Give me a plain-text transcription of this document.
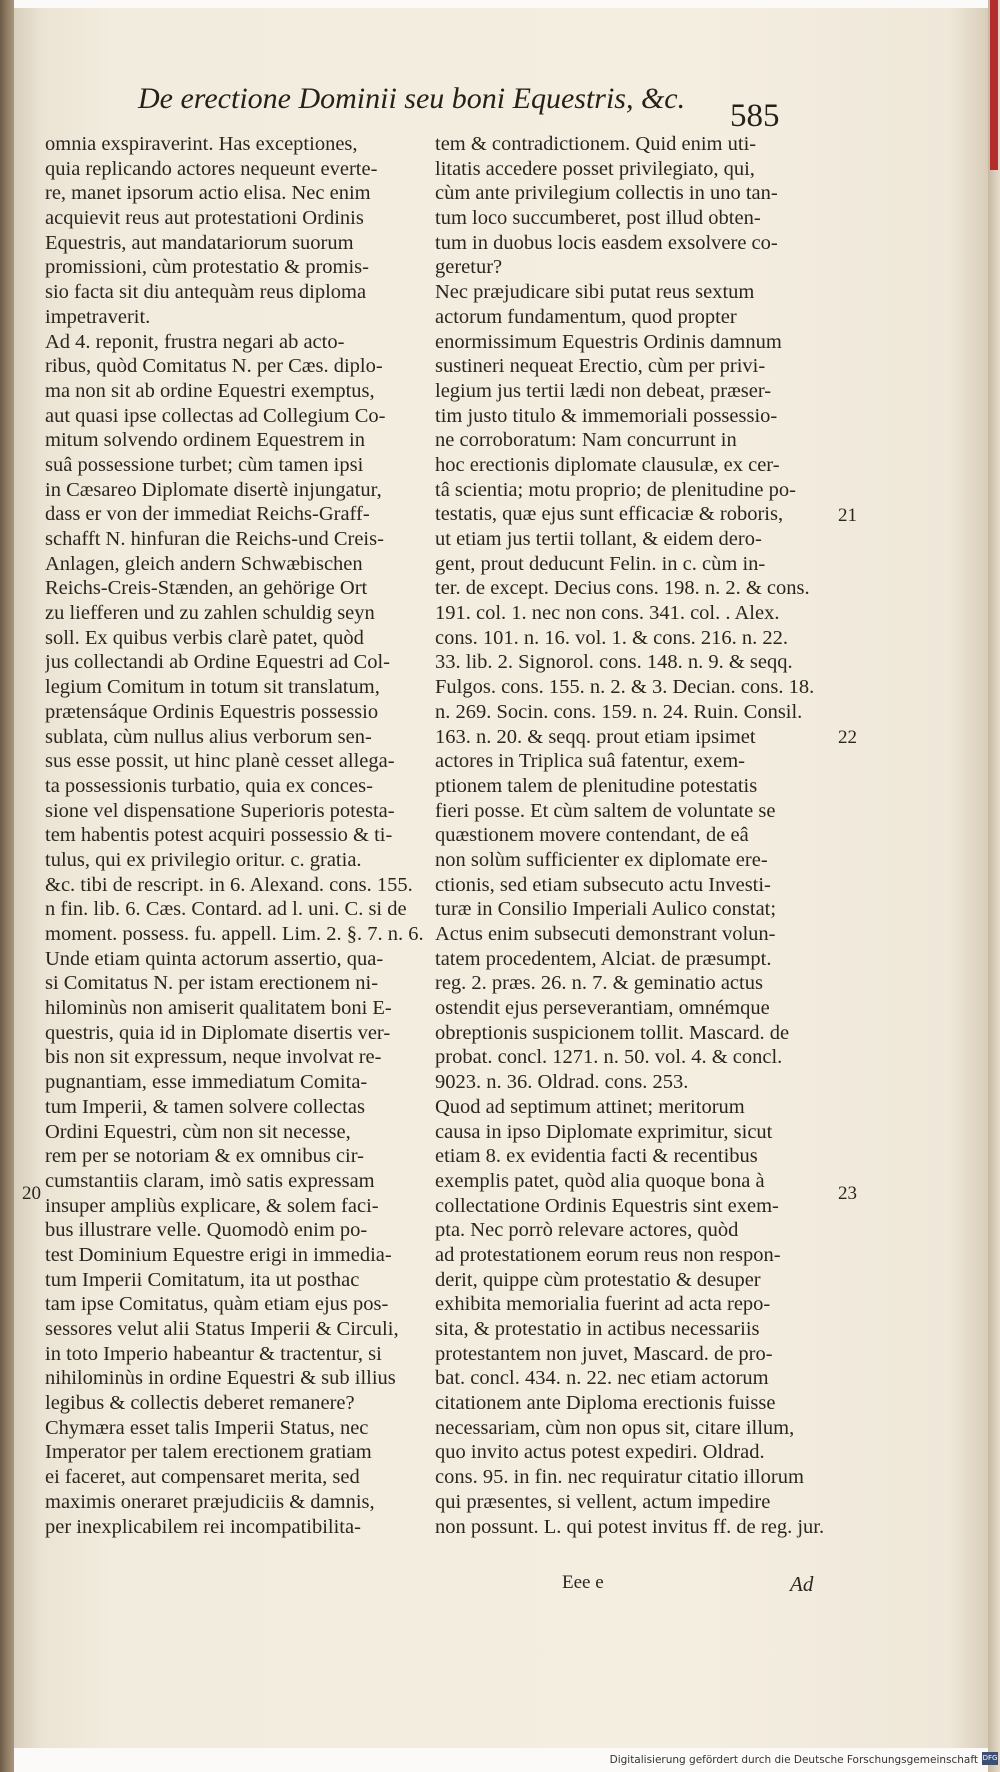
De erectione Dominii seu boni Equestris, &c. 585
omnia exspiraverint. Has exceptiones,
quia replicando actores nequeunt everte-
re, manet ipsorum actio elisa. Nec enim
acquievit reus aut protestationi Ordinis
Equestris, aut mandatariorum suorum
promissioni, cùm protestatio & promis-
sio facta sit diu antequàm reus diploma
impetraverit.
Ad 4. reponit, frustra negari ab acto-
ribus, quòd Comitatus N. per Cæs. diplo-
ma non sit ab ordine Equestri exemptus,
aut quasi ipse collectas ad Collegium Co-
mitum solvendo ordinem Equestrem in
suâ possessione turbet; cùm tamen ipsi
in Cæsareo Diplomate disertè injungatur,
dass er von der immediat Reichs-Graff-
schafft N. hinfuran die Reichs-und Creis-
Anlagen, gleich andern Schwæbischen
Reichs-Creis-Stænden, an gehörige Ort
zu liefferen und zu zahlen schuldig seyn
soll. Ex quibus verbis clarè patet, quòd
jus collectandi ab Ordine Equestri ad Col-
legium Comitum in totum sit translatum,
prætensáque Ordinis Equestris possessio
sublata, cùm nullus alius verborum sen-
sus esse possit, ut hinc planè cesset allega-
ta possessionis turbatio, quia ex conces-
sione vel dispensatione Superioris potesta-
tem habentis potest acquiri possessio & ti-
tulus, qui ex privilegio oritur. c. gratia.
&c. tibi de rescript. in 6. Alexand. cons. 155.
n fin. lib. 6. Cæs. Contard. ad l. uni. C. si de
moment. possess. fu. appell. Lim. 2. §. 7. n. 6.
Unde etiam quinta actorum assertio, qua-
si Comitatus N. per istam erectionem ni-
hilominùs non amiserit qualitatem boni E-
questris, quia id in Diplomate disertis ver-
bis non sit expressum, neque involvat re-
pugnantiam, esse immediatum Comita-
tum Imperii, & tamen solvere collectas
Ordini Equestri, cùm non sit necesse,
rem per se notoriam & ex omnibus cir-
cumstantiis claram, imò satis expressam
insuper ampliùs explicare, & solem faci-
bus illustrare velle. Quomodò enim po-
test Dominium Equestre erigi in immedia-
tum Imperii Comitatum, ita ut posthac
tam ipse Comitatus, quàm etiam ejus pos-
sessores velut alii Status Imperii & Circuli,
in toto Imperio habeantur & tractentur, si
nihilominùs in ordine Equestri & sub illius
legibus & collectis deberet remanere?
Chymæra esset talis Imperii Status, nec
Imperator per talem erectionem gratiam
ei faceret, aut compensaret merita, sed
maximis oneraret præjudiciis & damnis,
per inexplicabilem rei incompatibilita-
tem & contradictionem. Quid enim uti-
litatis accedere posset privilegiato, qui,
cùm ante privilegium collectis in uno tan-
tum loco succumberet, post illud obten-
tum in duobus locis easdem exsolvere co-
geretur?
Nec præjudicare sibi putat reus sextum
actorum fundamentum, quod propter
enormissimum Equestris Ordinis damnum
sustineri nequeat Erectio, cùm per privi-
legium jus tertii lædi non debeat, præser-
tim justo titulo & immemoriali possessio-
ne corroboratum: Nam concurrunt in
hoc erectionis diplomate clausulæ, ex cer-
tâ scientia; motu proprio; de plenitudine po-
testatis, quæ ejus sunt efficaciæ & roboris,
ut etiam jus tertii tollant, & eidem dero-
gent, prout deducunt Felin. in c. cùm in-
ter. de except. Decius cons. 198. n. 2. & cons.
191. col. 1. nec non cons. 341. col. . Alex.
cons. 101. n. 16. vol. 1. & cons. 216. n. 22.
33. lib. 2. Signorol. cons. 148. n. 9. & seqq.
Fulgos. cons. 155. n. 2. & 3. Decian. cons. 18.
n. 269. Socin. cons. 159. n. 24. Ruin. Consil.
163. n. 20. & seqq. prout etiam ipsimet
actores in Triplica suâ fatentur, exem-
ptionem talem de plenitudine potestatis
fieri posse. Et cùm saltem de voluntate se
quæstionem movere contendant, de eâ
non solùm sufficienter ex diplomate ere-
ctionis, sed etiam subsecuto actu Investi-
turæ in Consilio Imperiali Aulico constat;
Actus enim subsecuti demonstrant volun-
tatem procedentem, Alciat. de præsumpt.
reg. 2. præs. 26. n. 7. & geminatio actus
ostendit ejus perseverantiam, omnémque
obreptionis suspicionem tollit. Mascard. de
probat. concl. 1271. n. 50. vol. 4. & concl.
9023. n. 36. Oldrad. cons. 253.
Quod ad septimum attinet; meritorum
causa in ipso Diplomate exprimitur, sicut
etiam 8. ex evidentia facti & recentibus
exemplis patet, quòd alia quoque bona à
collectatione Ordinis Equestris sint exem-
pta. Nec porrò relevare actores, quòd
ad protestationem eorum reus non respon-
derit, quippe cùm protestatio & desuper
exhibita memorialia fuerint ad acta repo-
sita, & protestatio in actibus necessariis
protestantem non juvet, Mascard. de pro-
bat. concl. 434. n. 22. nec etiam actorum
citationem ante Diploma erectionis fuisse
necessariam, cùm non opus sit, citare illum,
quo invito actus potest expediri. Oldrad.
cons. 95. in fin. nec requiratur citatio illorum
qui præsentes, si vellent, actum impedire
non possunt. L. qui potest invitus ff. de reg. jur.
20
21
22
23
Eee e	Ad
Digitalisierung gefördert durch die Deutsche Forschungsgemeinschaft DFG
